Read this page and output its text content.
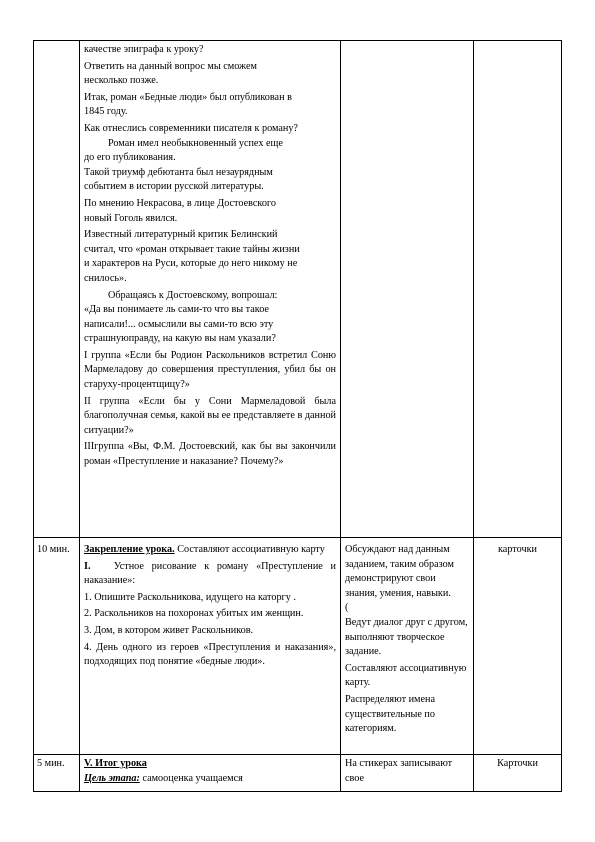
качестве эпиграфа к уроку?

Ответить на данный вопрос мы сможем

несколько позже.

Итак, роман «Бедные люди» был опубликован в

1845 году.

Как отнеслись современники писателя к роману?

Роман имел необыкновенный успех еще

до его публикования.

Такой триумф дебютанта был незаурядным

событием в истории русской литературы.

По мнению Некрасова, в лице Достоевского

новый Гоголь явился.

Известный литературный критик Белинский

считал, что «роман открывает такие тайны жизни

и характеров на Руси, которые до него никому не

снилось».

Обращаясь к Достоевскому, вопрошал:

«Да вы понимаете ль сами-то что вы такое

написали!... осмыслили вы сами-то всю эту

страшнуюправду, на какую вы нам указали?

I группа «Если бы Родион Раскольников встретил Соню Мармеладову до совершения преступления, убил бы он старуху-процентщицу?»

II группа «Если бы у Сони Мармеладовой была благополучная семья, какой вы ее представляете в данной ситуации?»

IIIгруппа «Вы, Ф.М. Достоевский, как бы вы закончили роман «Преступление и наказание? Почему?»

10 мин.	Закрепление урока. Составляют ассоциативную карту

I. Устное рисование к роману «Преступление и наказание»:

1. Опишите Раскольникова, идущего на каторгу .

2. Раскольников на похоронах убитых им женщин.

3. Дом, в котором живет Раскольников.

4. День одного из героев «Преступления и наказания», подходящих под понятие «бедные люди».

Обсуждают над данным заданием, таким образом демонстрируют свои знания, умения, навыки.

(

Ведут диалог друг с другом, выполняют творческое задание.

Составляют ассоциативную карту.

Распределяют имена существительные по категориям.

карточки
5 мин.	V. Итог урока

Цель этапа: самооценка учащаемся

На стикерах записывают свое
Карточки
